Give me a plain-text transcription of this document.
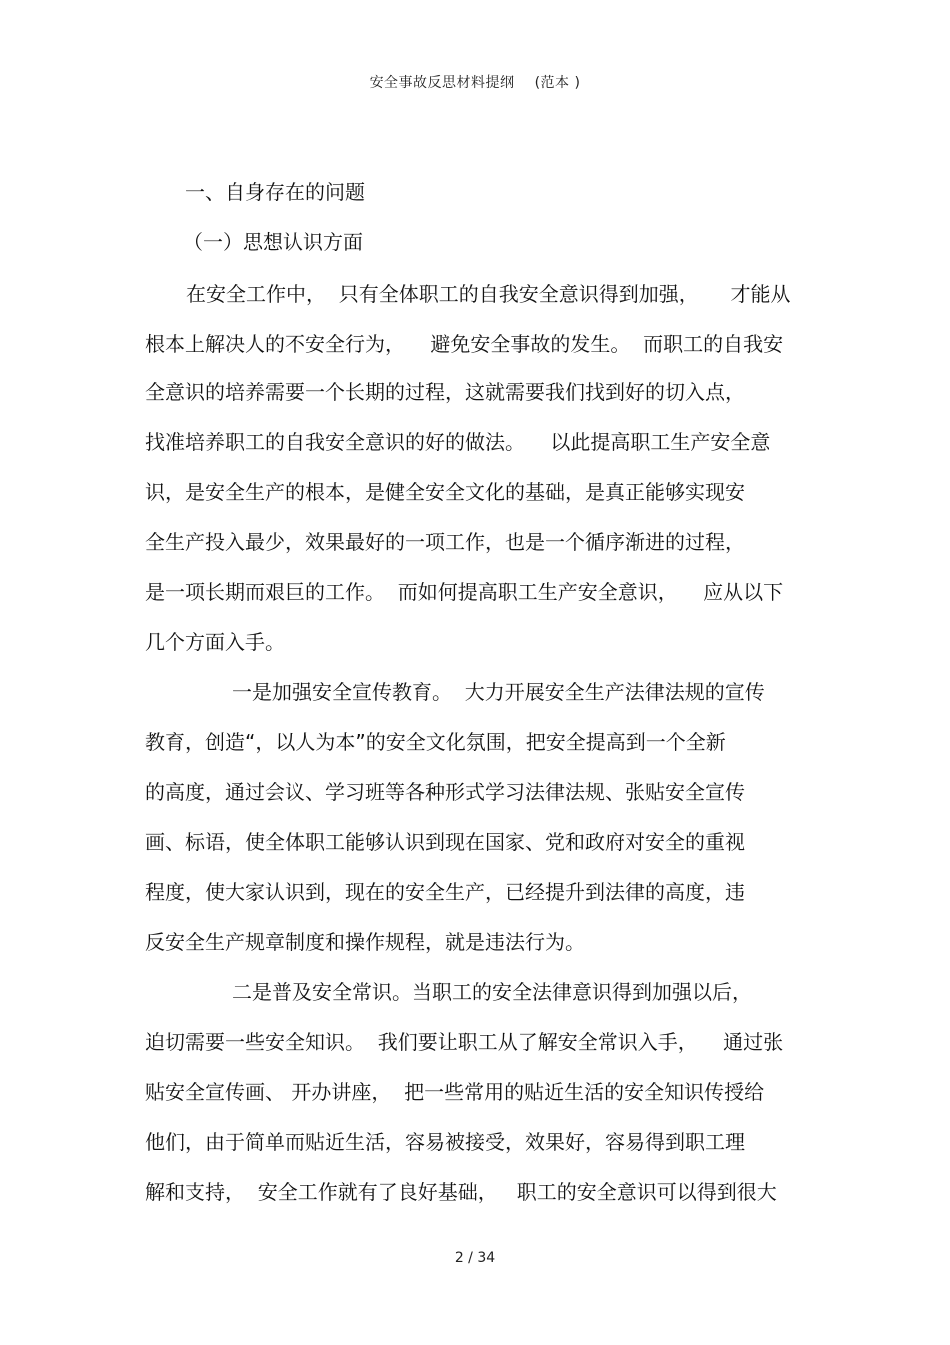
安全事故反思材料提纲 (范本 )
一、自身存在的问题
（一）思想认识方面
在安全工作中，  只有全体职工的自我安全意识得到加强，     才能从
根本上解决人的不安全行为，    避免安全事故的发生。  而职工的自我安
全意识的培养需要一个长期的过程，这就需要我们找到好的切入点，
找准培养职工的自我安全意识的好的做法。    以此提高职工生产安全意
识，是安全生产的根本，是健全安全文化的基础，是真正能够实现安
全生产投入最少，效果最好的一项工作，也是一个循序渐进的过程，
是一项长期而艰巨的工作。  而如何提高职工生产安全意识，    应从以下
几个方面入手。
一是加强安全宣传教育。  大力开展安全生产法律法规的宣传
教育，创造“，以人为本”的安全文化氛围，把安全提高到一个全新
的高度，通过会议、学习班等各种形式学习法律法规、张贴安全宣传
画、标语，使全体职工能够认识到现在国家、党和政府对安全的重视
程度，使大家认识到，现在的安全生产，已经提升到法律的高度，违
反安全生产规章制度和操作规程，就是违法行为。
二是普及安全常识。当职工的安全法律意识得到加强以后，
迫切需要一些安全知识。  我们要让职工从了解安全常识入手，    通过张
贴安全宣传画、 开办讲座，  把一些常用的贴近生活的安全知识传授给
他们，由于简单而贴近生活，容易被接受，效果好，容易得到职工理
解和支持，  安全工作就有了良好基础，   职工的安全意识可以得到很大
2 / 34
